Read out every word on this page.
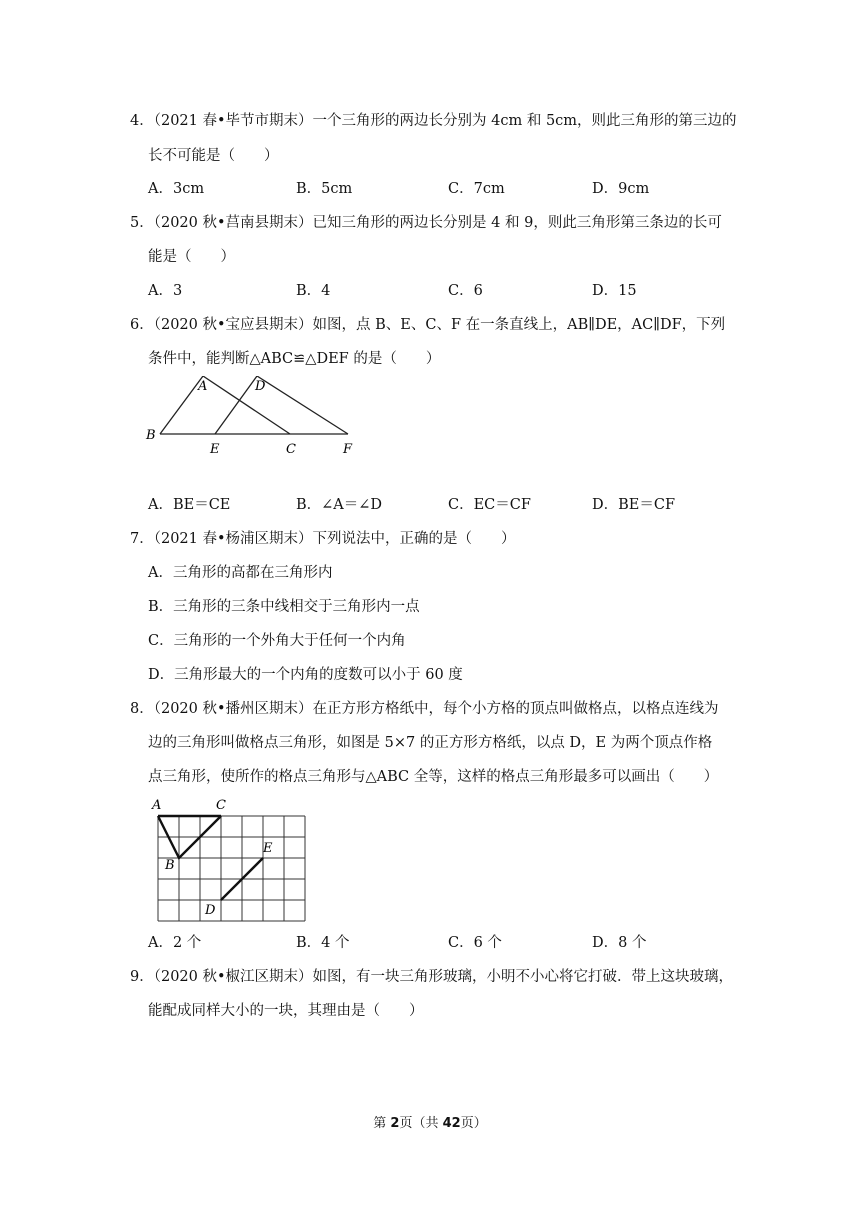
4．（2021 春•毕节市期末）一个三角形的两边长分别为 4cm 和 5cm，则此三角形的第三边的
长不可能是（　　）
A．3cm	B．5cm	C．7cm	D．9cm
5．（2020 秋•莒南县期末）已知三角形的两边长分别是 4 和 9，则此三角形第三条边的长可
能是（　　）
A．3	B．4	C．6	D．15
6．（2020 秋•宝应县期末）如图，点 B、E、C、F 在一条直线上，AB∥DE，AC∥DF，下列
条件中，能判断△ABC≌△DEF 的是（　　）
A	D
B
E	C	F
A．BE＝CE	B．∠A＝∠D	C．EC＝CF	D．BE＝CF
7．（2021 春•杨浦区期末）下列说法中，正确的是（　　）
A．三角形的高都在三角形内
B．三角形的三条中线相交于三角形内一点
C．三角形的一个外角大于任何一个内角
D．三角形最大的一个内角的度数可以小于 60 度
8．（2020 秋•播州区期末）在正方形方格纸中，每个小方格的顶点叫做格点，以格点连线为
边的三角形叫做格点三角形，如图是 5×7 的正方形方格纸，以点 D，E 为两个顶点作格
点三角形，使所作的格点三角形与△ABC 全等，这样的格点三角形最多可以画出（　　）
A	C
B
E
D
A．2 个	B．4 个	C．6 个	D．8 个
9．（2020 秋•椒江区期末）如图，有一块三角形玻璃，小明不小心将它打破．带上这块玻璃，
能配成同样大小的一块，其理由是（　　）
第 2页（共 42页）
